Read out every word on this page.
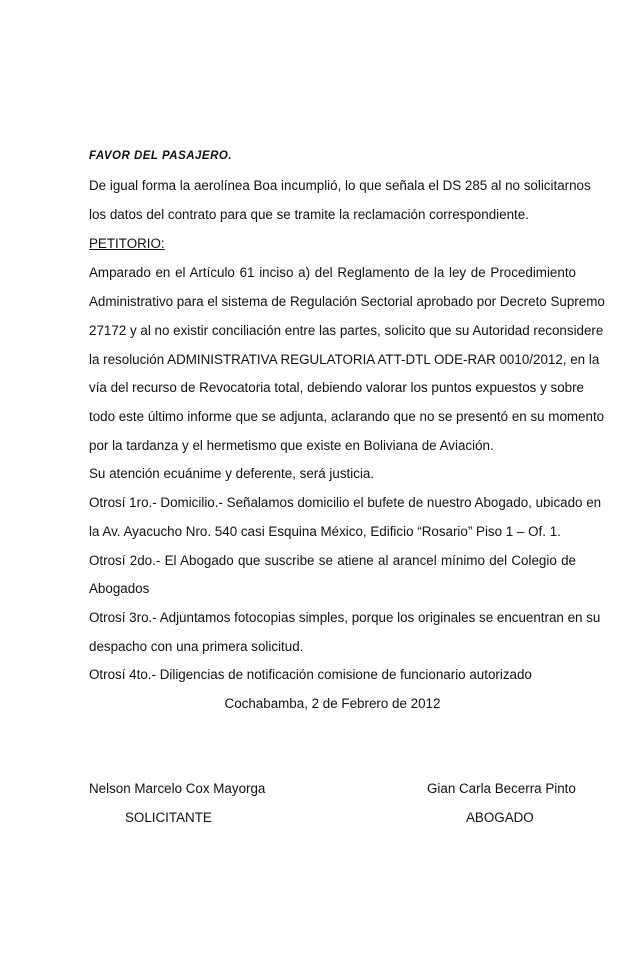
FAVOR DEL PASAJERO.
De igual forma la aerolínea Boa incumplió, lo que señala el DS 285 al no solicitarnos
los datos del contrato para que se tramite la reclamación correspondiente.
PETITORIO:
Amparado en el Artículo 61 inciso a) del Reglamento de la ley de Procedimiento
Administrativo para el sistema de Regulación Sectorial aprobado por Decreto Supremo
27172 y al no existir conciliación entre las partes, solicito que su Autoridad reconsidere
la resolución ADMINISTRATIVA REGULATORIA ATT-DTL ODE-RAR 0010/2012, en la
vía del recurso de Revocatoria total, debiendo valorar los puntos expuestos y sobre
todo este último informe que se adjunta, aclarando que no se presentó en su momento
por la tardanza y el hermetismo que existe en Boliviana de Aviación.
Su atención ecuánime y deferente, será justicia.
Otrosí 1ro.- Domicilio.- Señalamos domicilio el bufete de nuestro Abogado, ubicado en
la Av. Ayacucho Nro. 540 casi Esquina México, Edificio “Rosario” Piso 1 – Of. 1.
Otrosí 2do.- El Abogado que suscribe se atiene al arancel mínimo del Colegio de
Abogados
Otrosí 3ro.- Adjuntamos fotocopias simples, porque los originales se encuentran en su
despacho con una primera solicitud.
Otrosí 4to.- Diligencias de notificación comisione de funcionario autorizado
Cochabamba, 2 de Febrero de 2012
Nelson Marcelo Cox Mayorga
SOLICITANTE
Gian Carla Becerra Pinto
ABOGADO
